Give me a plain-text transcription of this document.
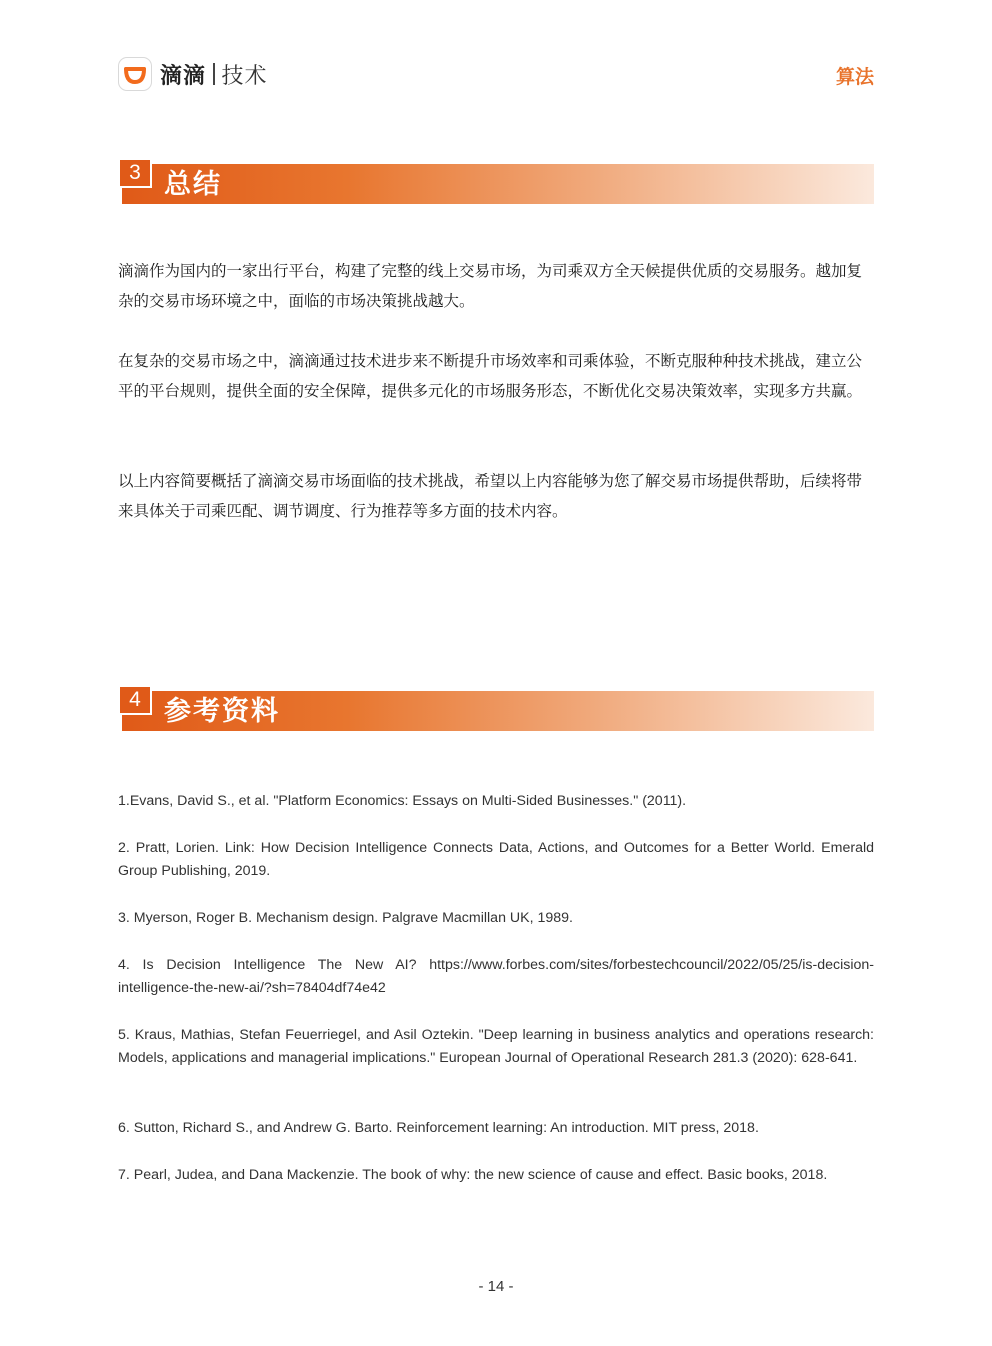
滴滴 技术	算法
3 总结
滴滴作为国内的一家出行平台，构建了完整的线上交易市场，为司乘双方全天候提供优质的交易服务。越加复杂的交易市场环境之中，面临的市场决策挑战越大。
在复杂的交易市场之中，滴滴通过技术进步来不断提升市场效率和司乘体验，不断克服种种技术挑战，建立公平的平台规则，提供全面的安全保障，提供多元化的市场服务形态，不断优化交易决策效率，实现多方共赢。
以上内容简要概括了滴滴交易市场面临的技术挑战，希望以上内容能够为您了解交易市场提供帮助，后续将带来具体关于司乘匹配、调节调度、行为推荐等多方面的技术内容。
4 参考资料
1.Evans, David S., et al. "Platform Economics: Essays on Multi-Sided Businesses." (2011).
2. Pratt, Lorien. Link: How Decision Intelligence Connects Data, Actions, and Outcomes for a Better World. Emerald Group Publishing, 2019.
3. Myerson, Roger B. Mechanism design. Palgrave Macmillan UK, 1989.
4. Is Decision Intelligence The New AI? https://www.forbes.com/sites/forbestechcouncil/2022/05/25/is-decision-intelligence-the-new-ai/?sh=78404df74e42
5. Kraus, Mathias, Stefan Feuerriegel, and Asil Oztekin. "Deep learning in business analytics and operations research: Models, applications and managerial implications." European Journal of Operational Research 281.3 (2020): 628-641.
6. Sutton, Richard S., and Andrew G. Barto. Reinforcement learning: An introduction. MIT press, 2018.
7. Pearl, Judea, and Dana Mackenzie. The book of why: the new science of cause and effect. Basic books, 2018.
- 14 -
